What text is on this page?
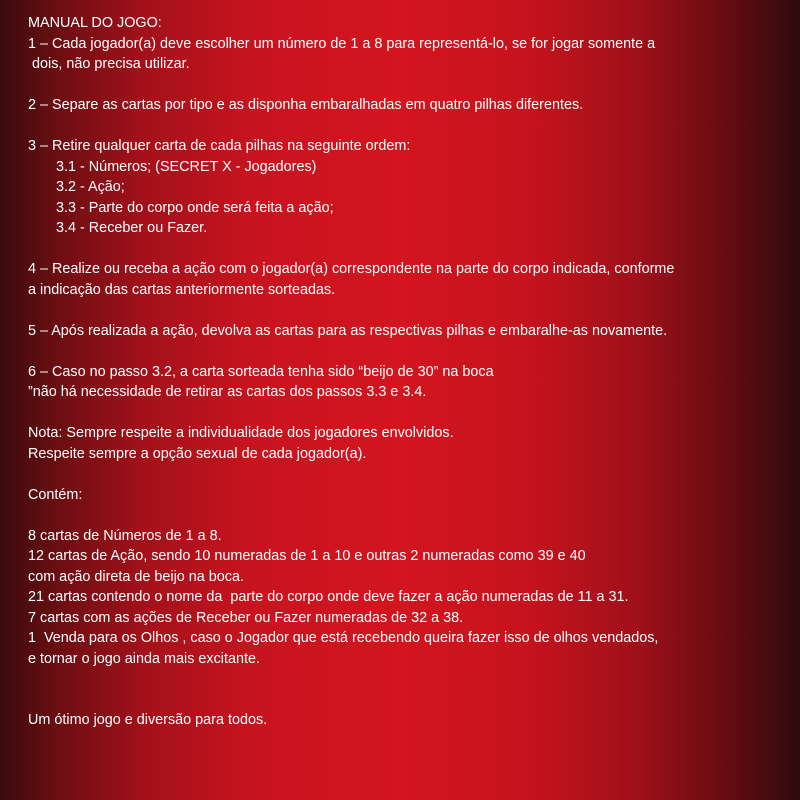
MANUAL DO JOGO:
1 – Cada jogador(a) deve escolher um número de 1 a 8 para representá-lo, se for jogar somente a
dois, não precisa utilizar.
2 – Separe as cartas por tipo e as disponha embaralhadas em quatro pilhas diferentes.
3 – Retire qualquer carta de cada pilhas na seguinte ordem:
3.1 - Números; (SECRET X - Jogadores)
3.2 - Ação;
3.3 - Parte do corpo onde será feita a ação;
3.4 - Receber ou Fazer.
4 – Realize ou receba a ação com o jogador(a) correspondente na parte do corpo indicada, conforme
a indicação das cartas anteriormente sorteadas.
5 – Após realizada a ação, devolva as cartas para as respectivas pilhas e embaralhe-as novamente.
6 – Caso no passo 3.2, a carta sorteada tenha sido “beijo de 30” na boca
”não há necessidade de retirar as cartas dos passos 3.3 e 3.4.
Nota: Sempre respeite a individualidade dos jogadores envolvidos.
Respeite sempre a opção sexual de cada jogador(a).
Contém:
8 cartas de Números de 1 a 8.
12 cartas de Ação, sendo 10 numeradas de 1 a 10 e outras 2 numeradas como 39 e 40
com ação direta de beijo na boca.
21 cartas contendo o nome da  parte do corpo onde deve fazer a ação numeradas de 11 a 31.
7 cartas com as ações de Receber ou Fazer numeradas de 32 a 38.
1  Venda para os Olhos , caso o Jogador que está recebendo queira fazer isso de olhos vendados,
e tornar o jogo ainda mais excitante.
Um ótimo jogo e diversão para todos.
